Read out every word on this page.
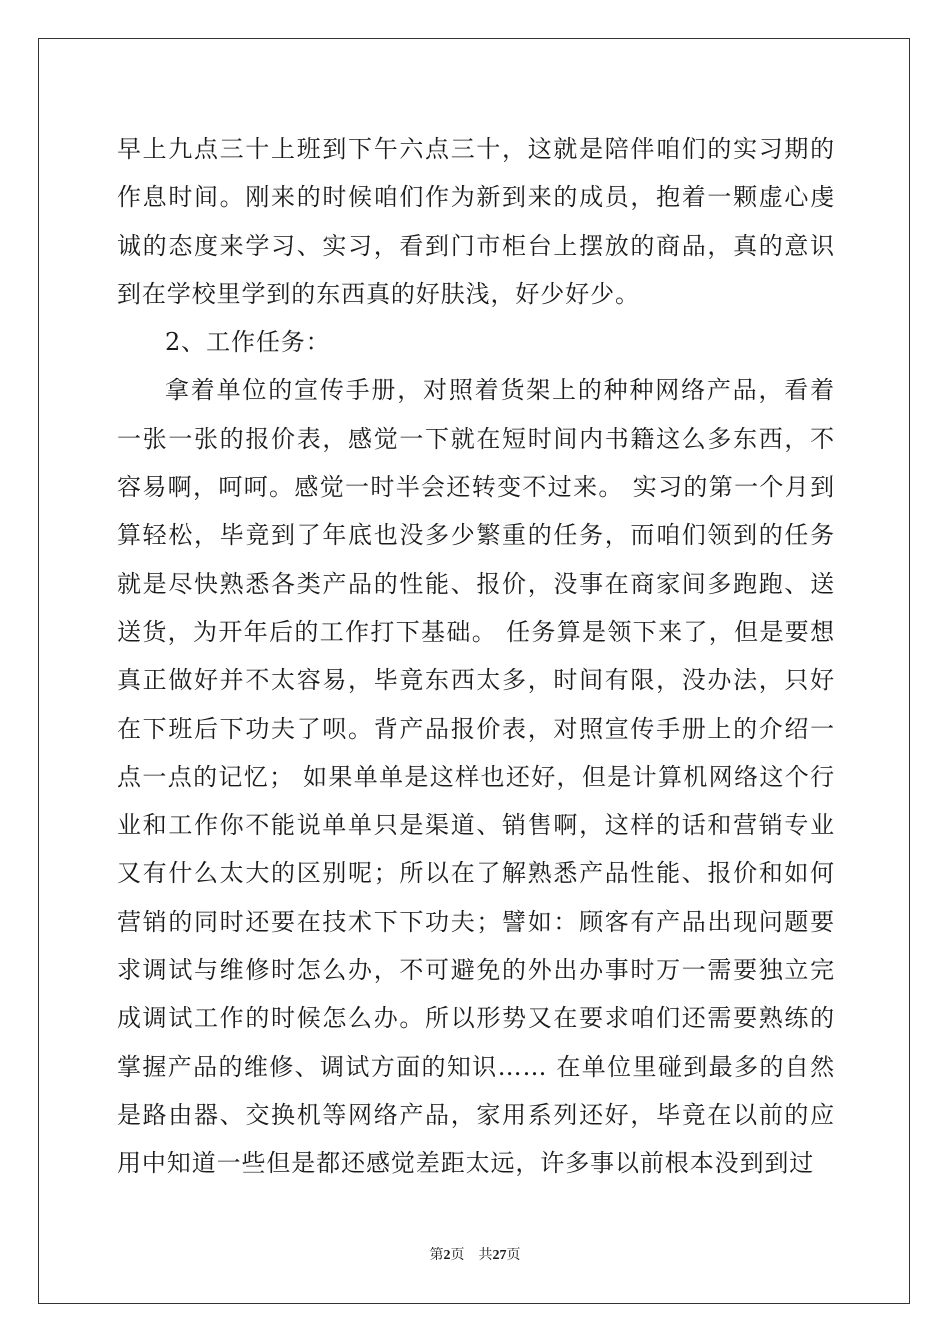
早上九点三十上班到下午六点三十，这就是陪伴咱们的实习期的作息时间。刚来的时候咱们作为新到来的成员，抱着一颗虚心虔诚的态度来学习、实习，看到门市柜台上摆放的商品，真的意识到在学校里学到的东西真的好肤浅，好少好少。

2、工作任务：

拿着单位的宣传手册，对照着货架上的种种网络产品，看着一张一张的报价表，感觉一下就在短时间内书籍这么多东西，不容易啊，呵呵。感觉一时半会还转变不过来。 实习的第一个月到算轻松，毕竟到了年底也没多少繁重的任务，而咱们领到的任务就是尽快熟悉各类产品的性能、报价，没事在商家间多跑跑、送送货，为开年后的工作打下基础。 任务算是领下来了，但是要想真正做好并不太容易，毕竟东西太多，时间有限，没办法，只好在下班后下功夫了呗。背产品报价表，对照宣传手册上的介绍一点一点的记忆； 如果单单是这样也还好，但是计算机网络这个行业和工作你不能说单单只是渠道、销售啊，这样的话和营销专业又有什么太大的区别呢；所以在了解熟悉产品性能、报价和如何营销的同时还要在技术下下功夫；譬如：顾客有产品出现问题要求调试与维修时怎么办，不可避免的外出办事时万一需要独立完成调试工作的时候怎么办。所以形势又在要求咱们还需要熟练的掌握产品的维修、调试方面的知识…… 在单位里碰到最多的自然是路由器、交换机等网络产品，家用系列还好，毕竟在以前的应用中知道一些但是都还感觉差距太远，许多事以前根本没到到过

第2页 共27页
